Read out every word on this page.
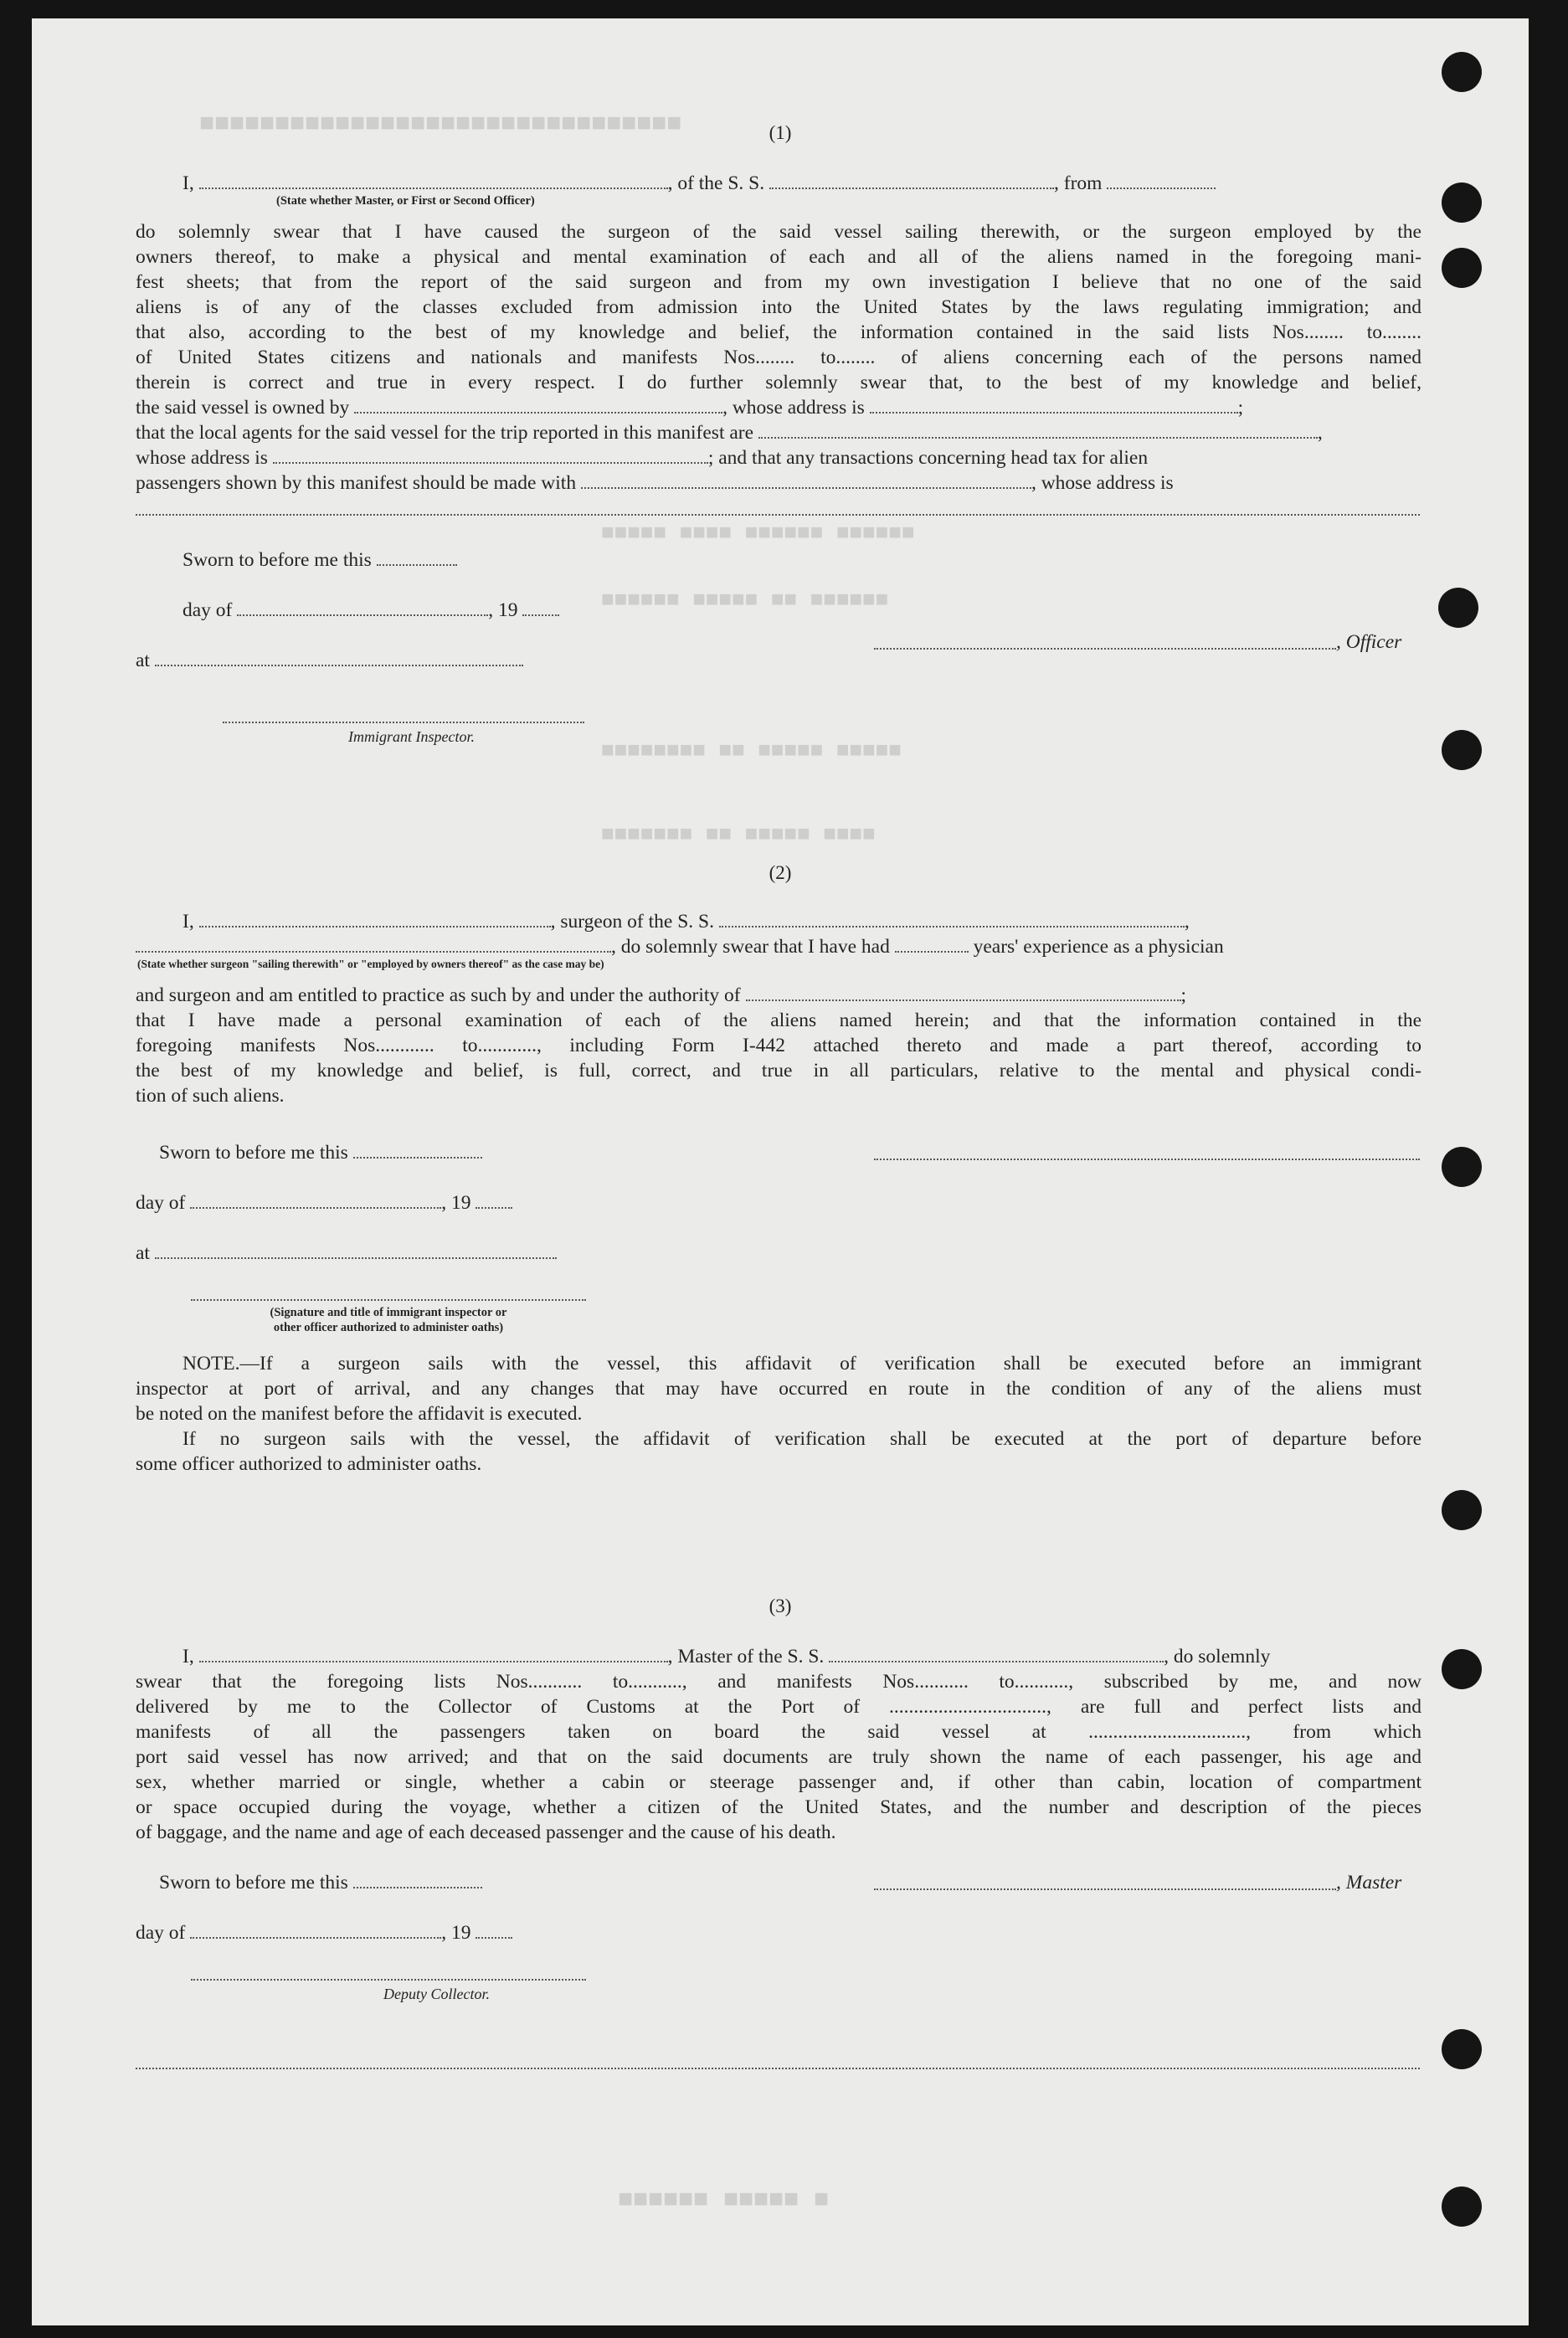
■■■■■■■■■■■■■■■■■■■■■■■■■■■■■■■■
■■■■■■ ■■■■■■ ■■■■ ■■■■■
■■■■■■ ■■ ■■■■■ ■■■■■■
■■■■■ ■■■■■ ■■ ■■■■■■■■
■■■■ ■■■■■ ■■ ■■■■■■■
■ ■■■■■ ■■■■■■
(1)
I,	, of the S. S.	, from
(State whether Master, or First or Second Officer)
do solemnly swear that I have caused the surgeon of the said vessel sailing therewith, or the surgeon employed by the
owners thereof, to make a physical and mental examination of each and all of the aliens named in the foregoing mani-
fest sheets; that from the report of the said surgeon and from my own investigation I believe that no one of the said
aliens is of any of the classes excluded from admission into the United States by the laws regulating immigration; and
that also, according to the best of my knowledge and belief, the information contained in the said lists Nos........ to........
of United States citizens and nationals and manifests Nos........ to........ of aliens concerning each of the persons named
therein is correct and true in every respect. I do further solemnly swear that, to the best of my knowledge and belief,
the said vessel is owned by	, whose address is	;
that the local agents for the said vessel for the trip reported in this manifest are	,
whose address is	; and that any transactions concerning head tax for alien
passengers shown by this manifest should be made with	, whose address is
Sworn to before me this
day of	, 19
at
, Officer
Immigrant Inspector.
(2)
I,	, surgeon of the S. S.	,
, do solemnly swear that I have had	years' experience as a physician
(State whether surgeon "sailing therewith" or "employed by owners thereof" as the case may be)
and surgeon and am entitled to practice as such by and under the authority of	;
that I have made a personal examination of each of the aliens named herein; and that the information contained in the
foregoing manifests Nos............ to............, including Form I-442 attached thereto and made a part thereof, according to
the best of my knowledge and belief, is full, correct, and true in all particulars, relative to the mental and physical condi-
tion of such aliens.
Sworn to before me this
day of	, 19
at
(Signature and title of immigrant inspector or
other officer authorized to administer oaths)
NOTE.—If a surgeon sails with the vessel, this affidavit of verification shall be executed before an immigrant
inspector at port of arrival, and any changes that may have occurred en route in the condition of any of the aliens must
be noted on the manifest before the affidavit is executed.
If no surgeon sails with the vessel, the affidavit of verification shall be executed at the port of departure before
some officer authorized to administer oaths.
(3)
I,	, Master of the S. S.	, do solemnly
swear that the foregoing lists Nos........... to..........., and manifests Nos........... to..........., subscribed by me, and now
delivered by me to the Collector of Customs at the Port of ................................, are full and perfect lists and
manifests of all the passengers taken on board the said vessel at ................................, from which
port said vessel has now arrived; and that on the said documents are truly shown the name of each passenger, his age and
sex, whether married or single, whether a cabin or steerage passenger and, if other than cabin, location of compartment
or space occupied during the voyage, whether a citizen of the United States, and the number and description of the pieces
of baggage, and the name and age of each deceased passenger and the cause of his death.
Sworn to before me this	, Master
day of	, 19
Deputy Collector.
